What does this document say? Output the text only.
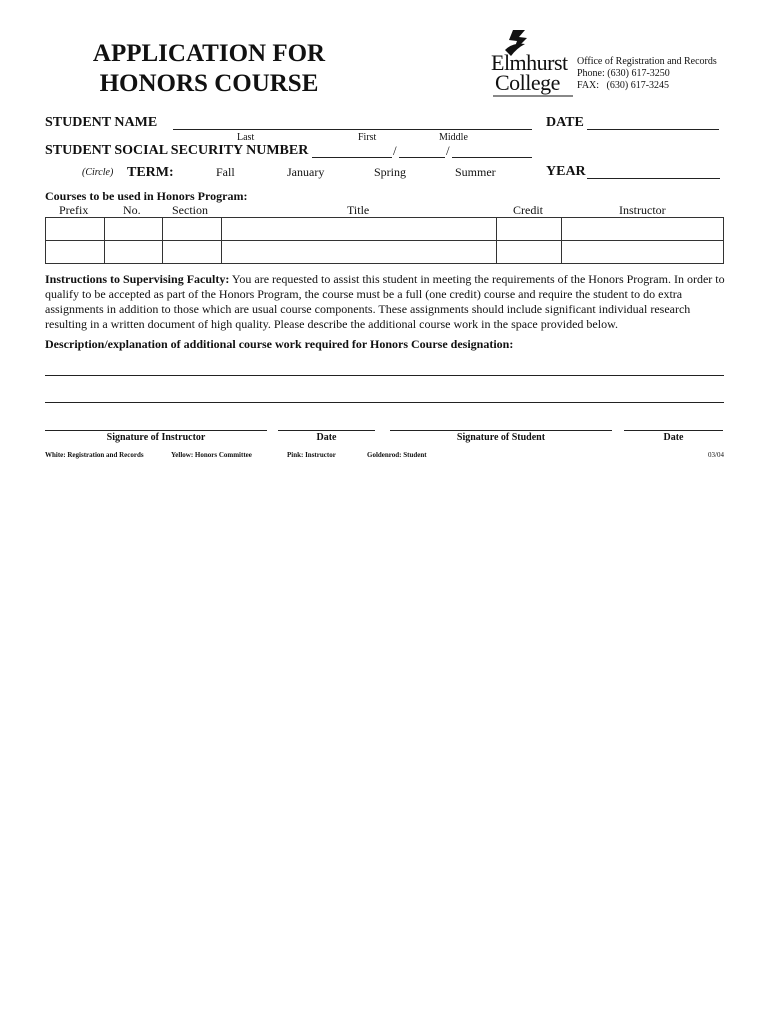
APPLICATION FOR
HONORS COURSE
Elmhurst
College
Office of Registration and Records
Phone: (630) 617-3250
FAX:   (630) 617-3245
STUDENT NAME
Last	First	Middle
DATE
STUDENT SOCIAL SECURITY NUMBER	/	/
(Circle) TERM:	Fall	January	Spring	Summer	YEAR
Courses to be used in Honors Program:
Prefix	No.	Section	Title	Credit	Instructor

Instructions to Supervising Faculty: You are requested to assist this student in meeting the requirements of the Honors Program. In order to qualify to be accepted as part of the Honors Program, the course must be a full (one credit) course and require the student to do extra assignments in addition to those which are usual course components. These assignments should include significant individual research resulting in a written document of high quality. Please describe the additional course work in the space provided below.
Description/explanation of additional course work required for Honors Course designation:
Signature of Instructor	Date	Signature of Student	Date
White: Registration and Records	Yellow: Honors Committee	Pink: Instructor	Goldenrod: Student	03/04
